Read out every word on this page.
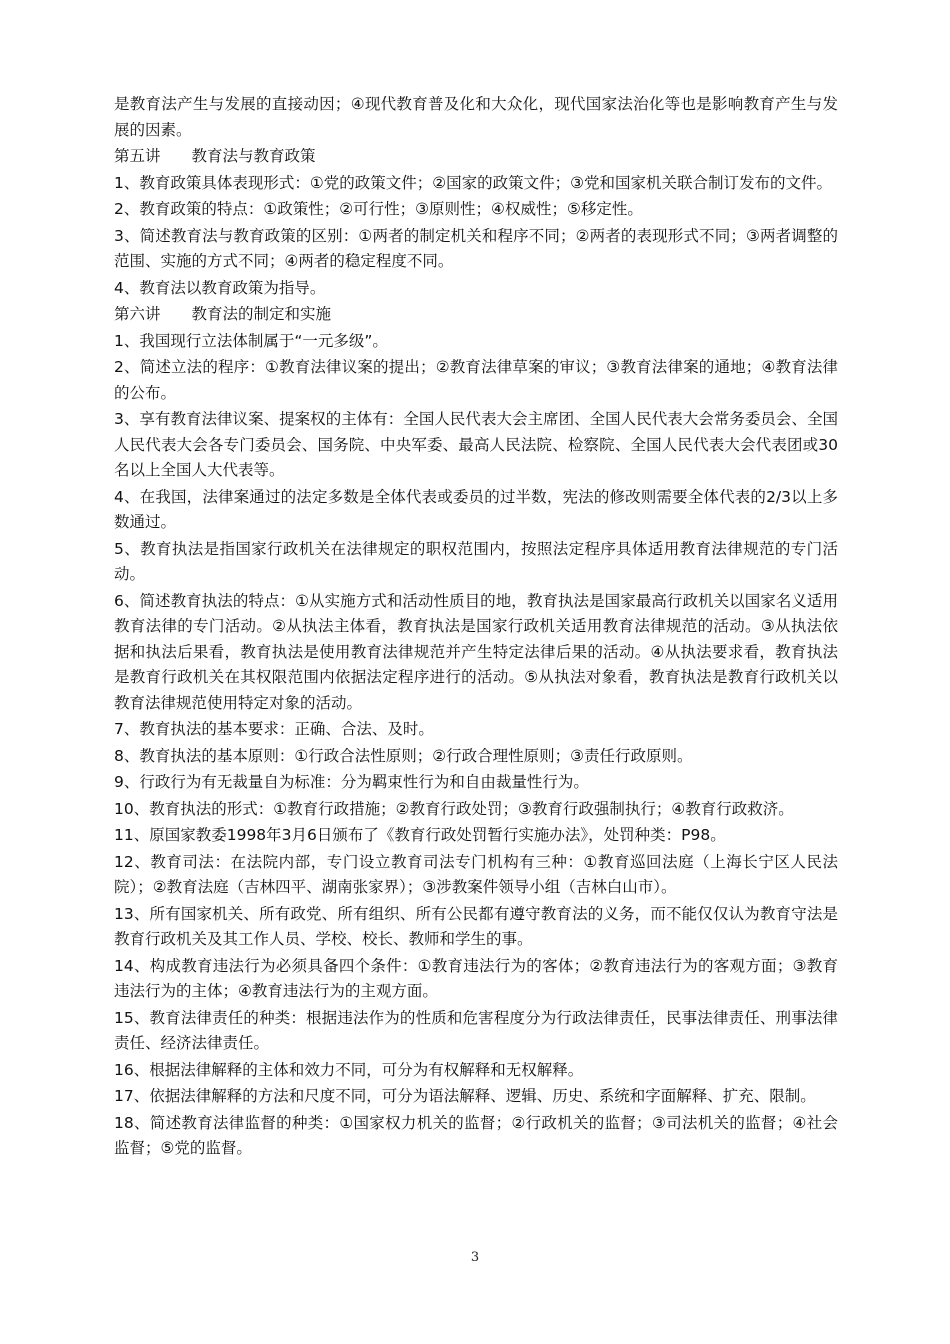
是教育法产生与发展的直接动因；④现代教育普及化和大众化，现代国家法治化等也是影响教育产生与发展的因素。

第五讲　　教育法与教育政策

1、教育政策具体表现形式：①党的政策文件；②国家的政策文件；③党和国家机关联合制订发布的文件。

2、教育政策的特点：①政策性；②可行性；③原则性；④权威性；⑤移定性。

3、简述教育法与教育政策的区别：①两者的制定机关和程序不同；②两者的表现形式不同；③两者调整的范围、实施的方式不同；④两者的稳定程度不同。

4、教育法以教育政策为指导。

第六讲　　教育法的制定和实施

1、我国现行立法体制属于“一元多级”。

2、简述立法的程序：①教育法律议案的提出；②教育法律草案的审议；③教育法律案的通地；④教育法律的公布。

3、享有教育法律议案、提案权的主体有：全国人民代表大会主席团、全国人民代表大会常务委员会、全国人民代表大会各专门委员会、国务院、中央军委、最高人民法院、检察院、全国人民代表大会代表团或30名以上全国人大代表等。

4、在我国，法律案通过的法定多数是全体代表或委员的过半数，宪法的修改则需要全体代表的2/3以上多数通过。

5、教育执法是指国家行政机关在法律规定的职权范围内，按照法定程序具体适用教育法律规范的专门活动。

6、简述教育执法的特点：①从实施方式和活动性质目的地，教育执法是国家最高行政机关以国家名义适用教育法律的专门活动。②从执法主体看，教育执法是国家行政机关适用教育法律规范的活动。③从执法依据和执法后果看，教育执法是使用教育法律规范并产生特定法律后果的活动。④从执法要求看，教育执法是教育行政机关在其权限范围内依据法定程序进行的活动。⑤从执法对象看，教育执法是教育行政机关以教育法律规范使用特定对象的活动。

7、教育执法的基本要求：正确、合法、及时。

8、教育执法的基本原则：①行政合法性原则；②行政合理性原则；③责任行政原则。

9、行政行为有无裁量自为标准：分为羁束性行为和自由裁量性行为。

10、教育执法的形式：①教育行政措施；②教育行政处罚；③教育行政强制执行；④教育行政救济。

11、原国家教委1998年3月6日颁布了《教育行政处罚暂行实施办法》，处罚种类：P98。

12、教育司法：在法院内部，专门设立教育司法专门机构有三种：①教育巡回法庭（上海长宁区人民法院）；②教育法庭（吉林四平、湖南张家界）；③涉教案件领导小组（吉林白山市）。

13、所有国家机关、所有政党、所有组织、所有公民都有遵守教育法的义务，而不能仅仅认为教育守法是教育行政机关及其工作人员、学校、校长、教师和学生的事。

14、构成教育违法行为必须具备四个条件：①教育违法行为的客体；②教育违法行为的客观方面；③教育违法行为的主体；④教育违法行为的主观方面。

15、教育法律责任的种类：根据违法作为的性质和危害程度分为行政法律责任，民事法律责任、刑事法律责任、经济法律责任。

16、根据法律解释的主体和效力不同，可分为有权解释和无权解释。

17、依据法律解释的方法和尺度不同，可分为语法解释、逻辑、历史、系统和字面解释、扩充、限制。

18、简述教育法律监督的种类：①国家权力机关的监督；②行政机关的监督；③司法机关的监督；④社会监督；⑤党的监督。

3
